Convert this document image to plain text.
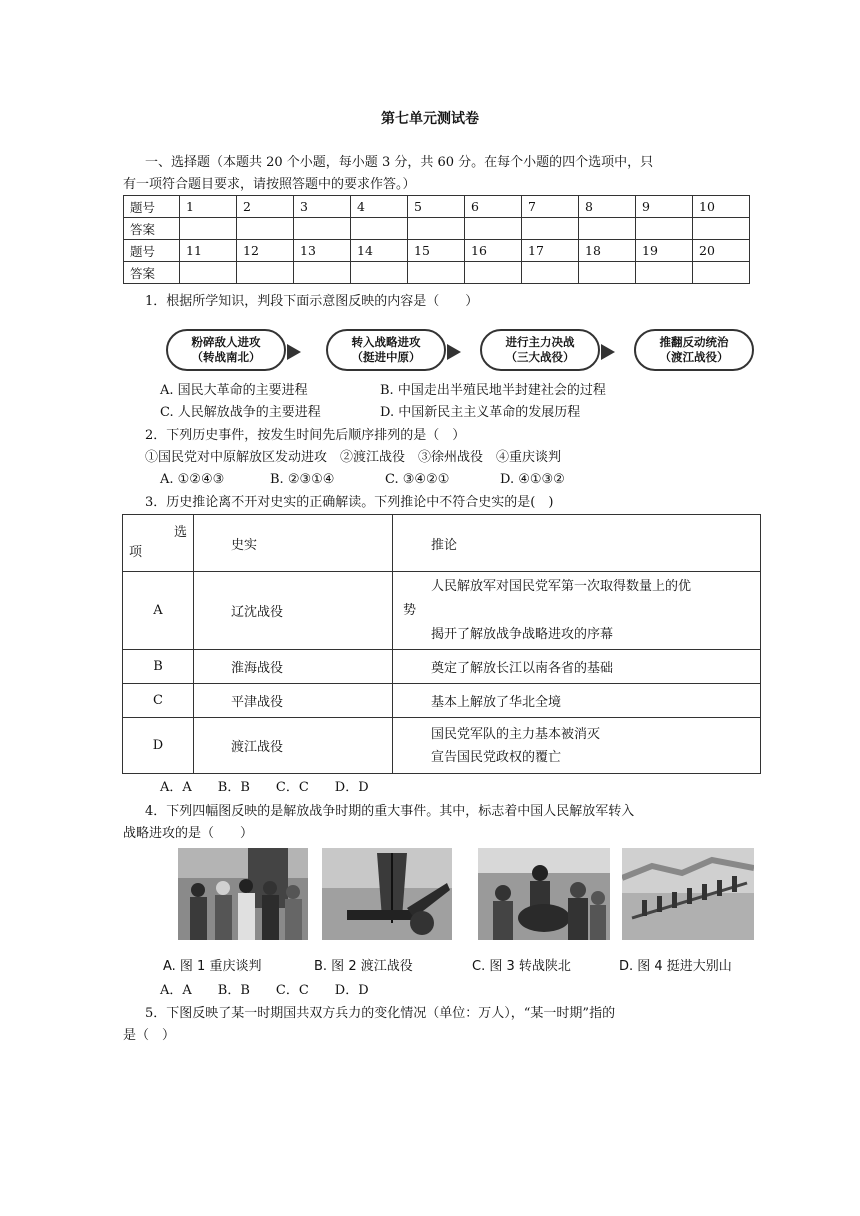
第七单元测试卷
一、选择题（本题共 20 个小题，每小题 3 分，共 60 分。在每个小题的四个选项中，只
有一项符合题目要求，请按照答题中的要求作答。）
题号	1	2	3	4	5	6	7	8	9	10
答案										
题号	11	12	13	14	15	16	17	18	19	20
答案										
1．根据所学知识，判段下面示意图反映的内容是（　　）
粉碎敌人进攻
（转战南北）
转入战略进攻
（挺进中原）
进行主力决战
（三大战役）
推翻反动统治
（渡江战役）
A. 国民大革命的主要进程	B. 中国走出半殖民地半封建社会的过程
C. 人民解放战争的主要进程	D. 中国新民主主义革命的发展历程
2．下列历史事件，按发生时间先后顺序排列的是（　）
①国民党对中原解放区发动进攻　②渡江战役　③徐州战役　④重庆谈判
A. ①②④③	B. ②③①④	C. ③④②①	D. ④①③②
3．历史推论离不开对史实的正确解读。下列推论中不符合史实的是(　)
选
项	史实	推论
A	辽沈战役	人民解放军对国民党军第一次取得数量上的优
势
揭开了解放战争战略进攻的序幕

B	淮海战役	奠定了解放长江以南各省的基础
C	平津战役	基本上解放了华北全境
D	渡江战役	国民党军队的主力基本被消灭
宣告国民党政权的覆亡
A．A　　B．B　　C．C　　D．D
4．下列四幅图反映的是解放战争时期的重大事件。其中，标志着中国人民解放军转入
战略进攻的是（　　）
A. 图 1 重庆谈判	B. 图 2 渡江战役	C. 图 3 转战陕北	D. 图 4 挺进大别山
A．A　　B．B　　C．C　　D．D
5．下图反映了某一时期国共双方兵力的变化情况（单位：万人），“某一时期”指的
是（　）
